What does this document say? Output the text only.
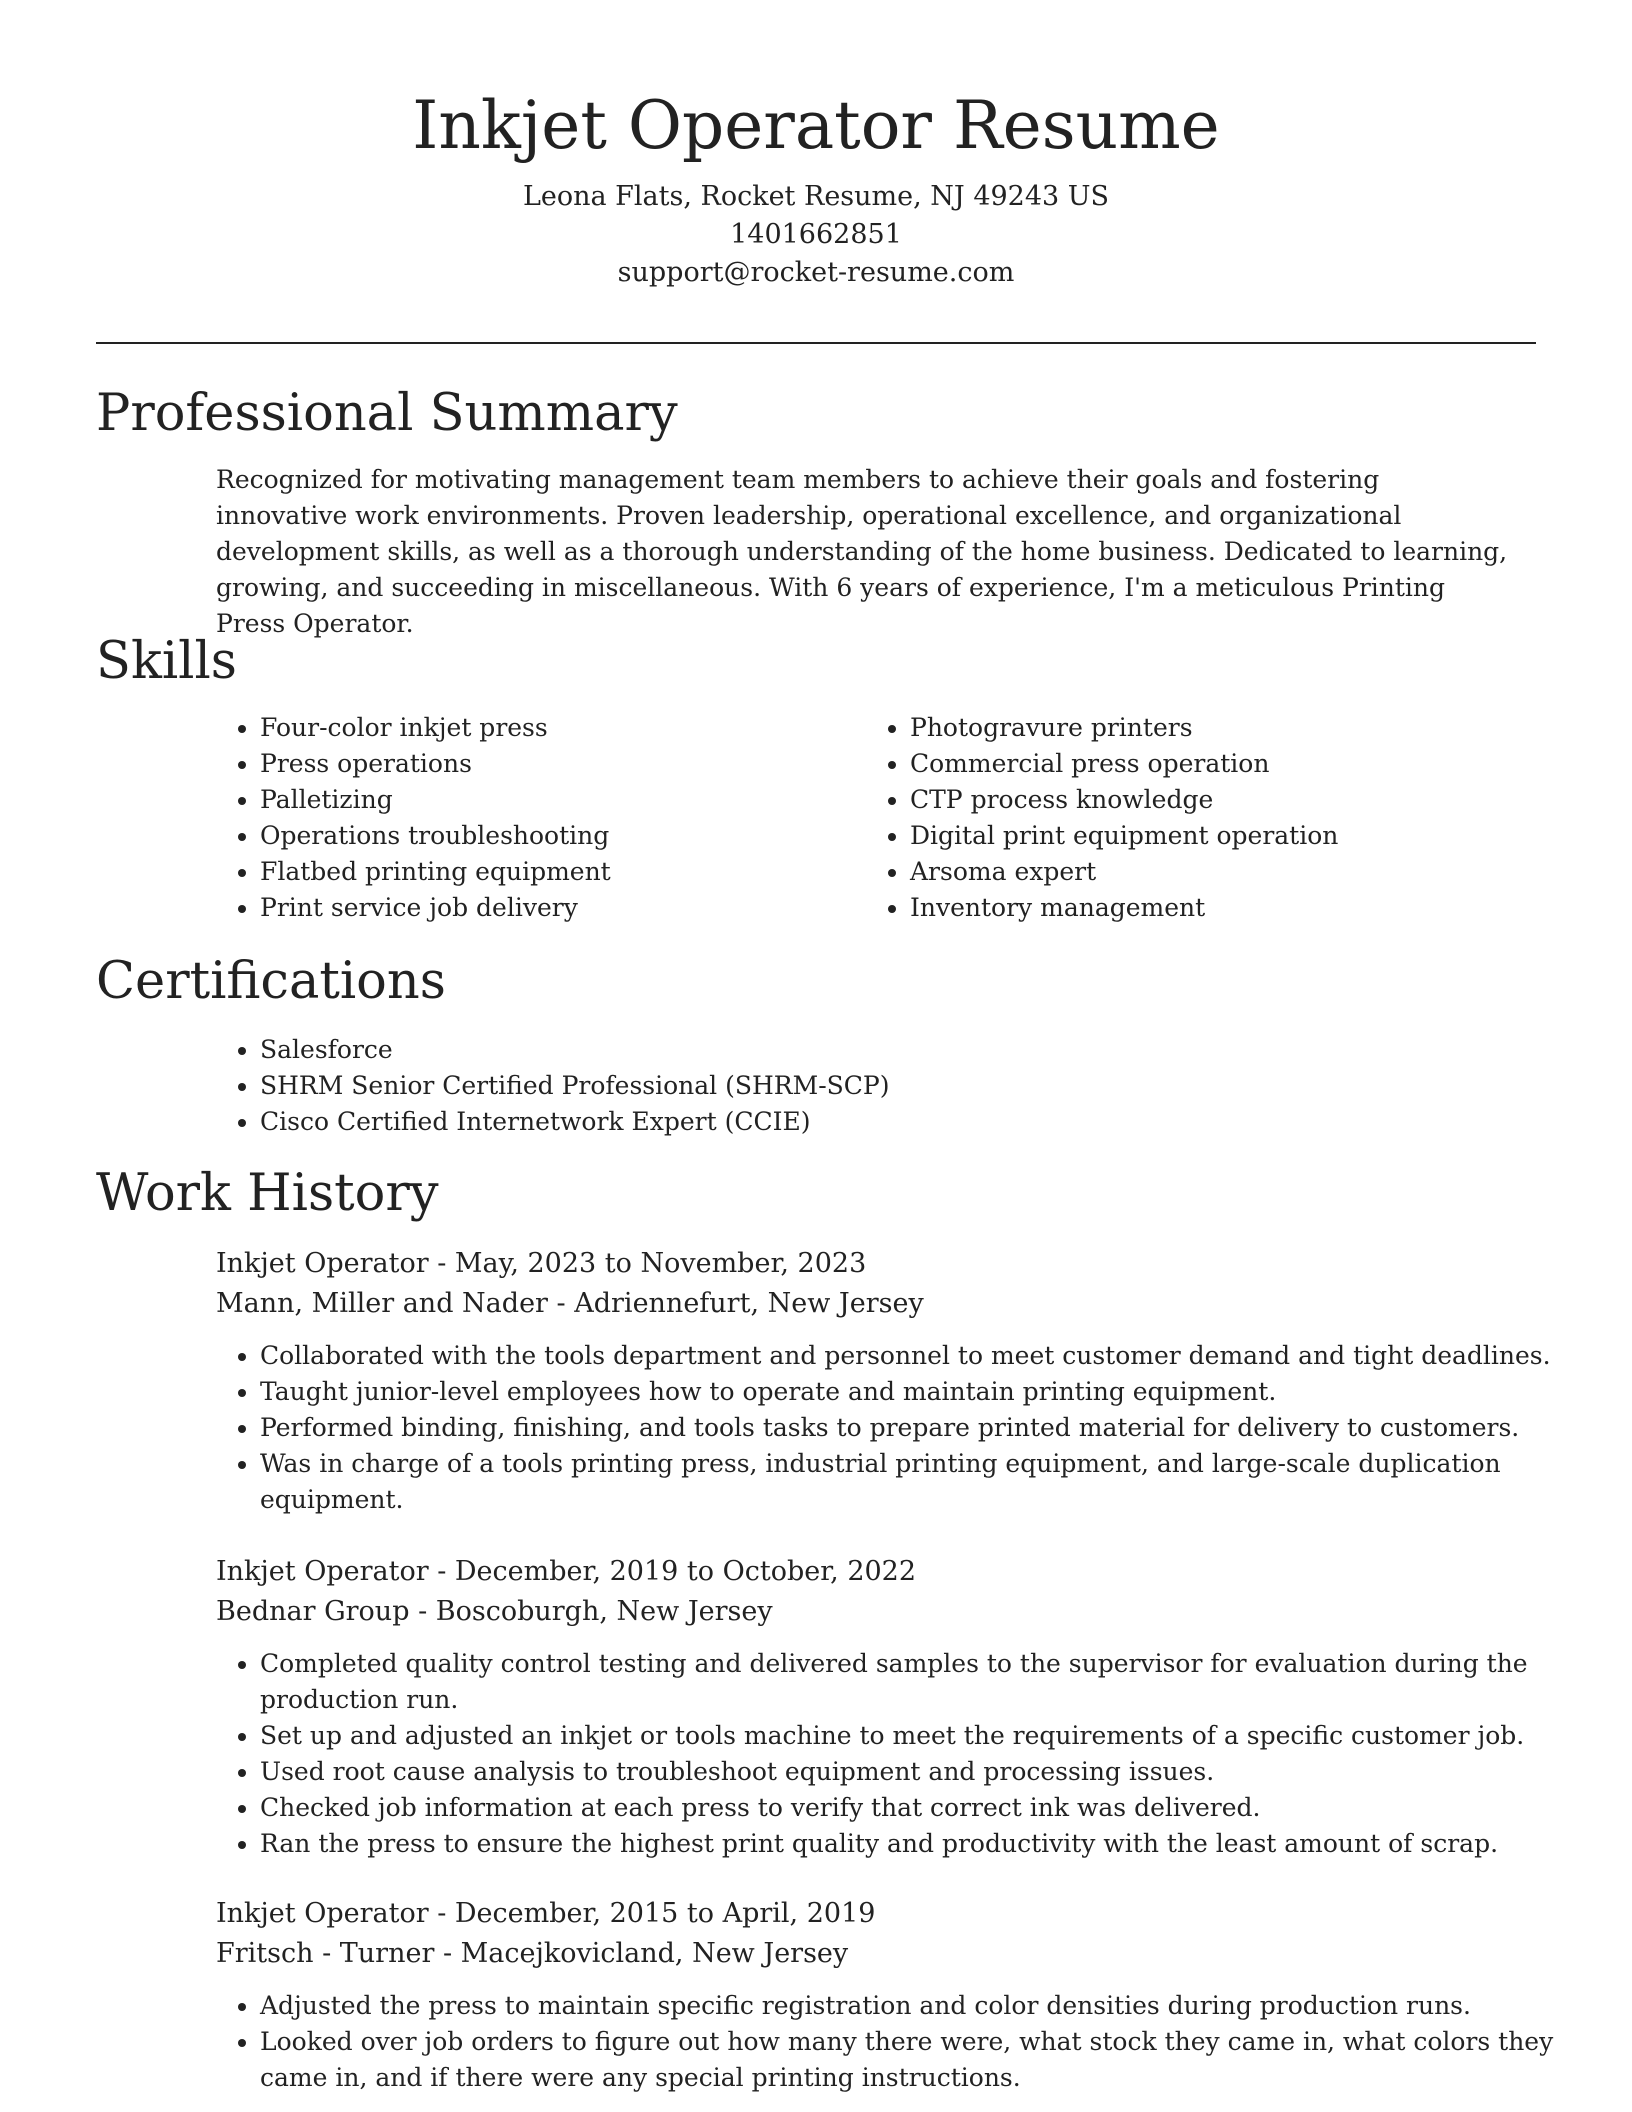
Inkjet Operator Resume

Leona Flats, Rocket Resume, NJ 49243 US

1401662851

support@rocket-resume.com

Professional Summary

Recognized for motivating management team members to achieve their goals and fostering innovative work environments. Proven leadership, operational excellence, and organizational development skills, as well as a thorough understanding of the home business. Dedicated to learning, growing, and succeeding in miscellaneous. With 6 years of experience, I'm a meticulous Printing Press Operator.

Skills
• Four-color inkjet press
• Press operations
• Palletizing
• Operations troubleshooting
• Flatbed printing equipment
• Print service job delivery
• Photogravure printers
• Commercial press operation
• CTP process knowledge
• Digital print equipment operation
• Arsoma expert
• Inventory management
Certifications
• Salesforce
• SHRM Senior Certified Professional (SHRM-SCP)
• Cisco Certified Internetwork Expert (CCIE)
Work History

Inkjet Operator - May, 2023 to November, 2023

Mann, Miller and Nader - Adriennefurt, New Jersey

• Collaborated with the tools department and personnel to meet customer demand and tight deadlines.
• Taught junior-level employees how to operate and maintain printing equipment.
• Performed binding, finishing, and tools tasks to prepare printed material for delivery to customers.
• Was in charge of a tools printing press, industrial printing equipment, and large-scale duplication equipment.

Inkjet Operator - December, 2019 to October, 2022

Bednar Group - Boscoburgh, New Jersey

• Completed quality control testing and delivered samples to the supervisor for evaluation during the production run.
• Set up and adjusted an inkjet or tools machine to meet the requirements of a specific customer job.
• Used root cause analysis to troubleshoot equipment and processing issues.
• Checked job information at each press to verify that correct ink was delivered.
• Ran the press to ensure the highest print quality and productivity with the least amount of scrap.

Inkjet Operator - December, 2015 to April, 2019

Fritsch - Turner - Macejkovicland, New Jersey

• Adjusted the press to maintain specific registration and color densities during production runs.
• Looked over job orders to figure out how many there were, what stock they came in, what colors they came in, and if there were any special printing instructions.
